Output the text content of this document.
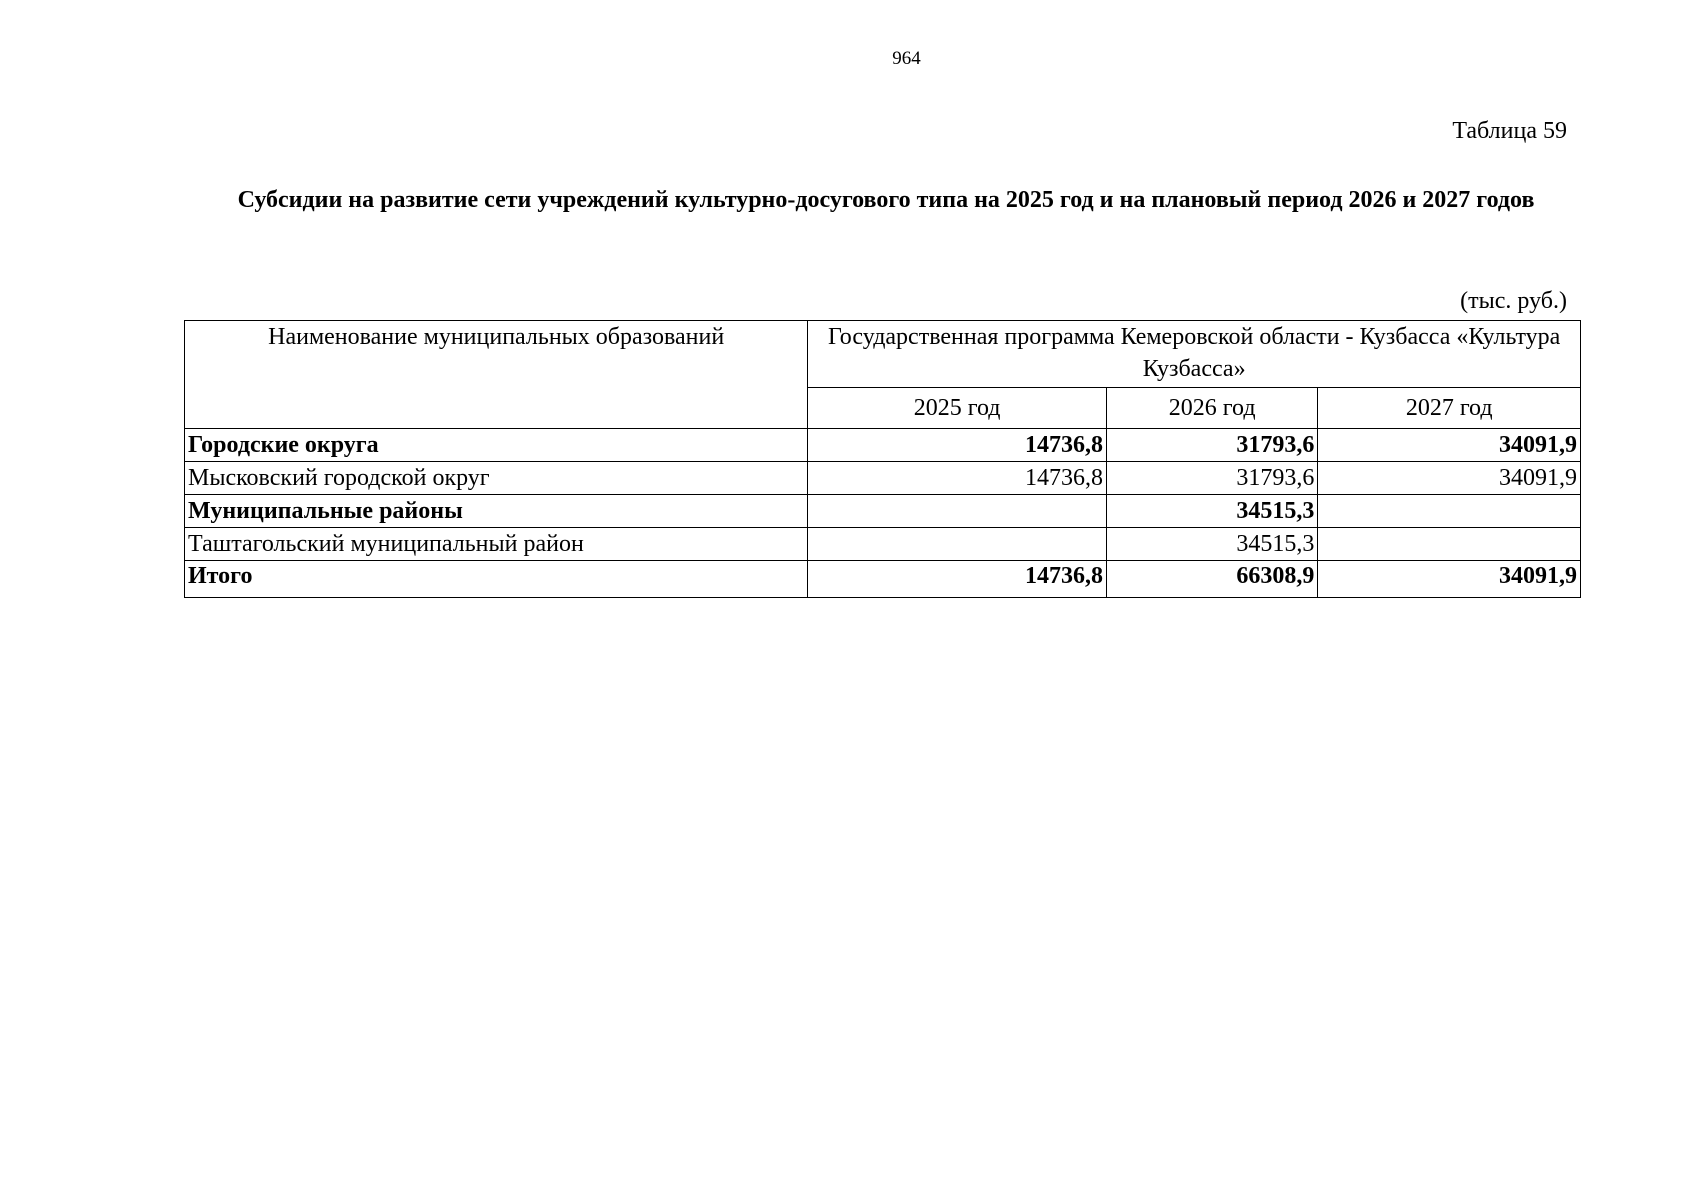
964
Таблица 59
Субсидии на развитие сети учреждений культурно-досугового типа на 2025 год и на плановый период 2026 и 2027 годов
(тыс. руб.)
Наименование муниципальных образований	Государственная программа Кемеровской области - Кузбасса «Культура Кузбасса»		
	2025 год	2026 год	2027 год
Городские округа	14736,8	31793,6	34091,9
Мысковский городской округ	14736,8	31793,6	34091,9
Муниципальные районы		34515,3	
Таштагольский муниципальный район		34515,3	
Итого	14736,8	66308,9	34091,9
